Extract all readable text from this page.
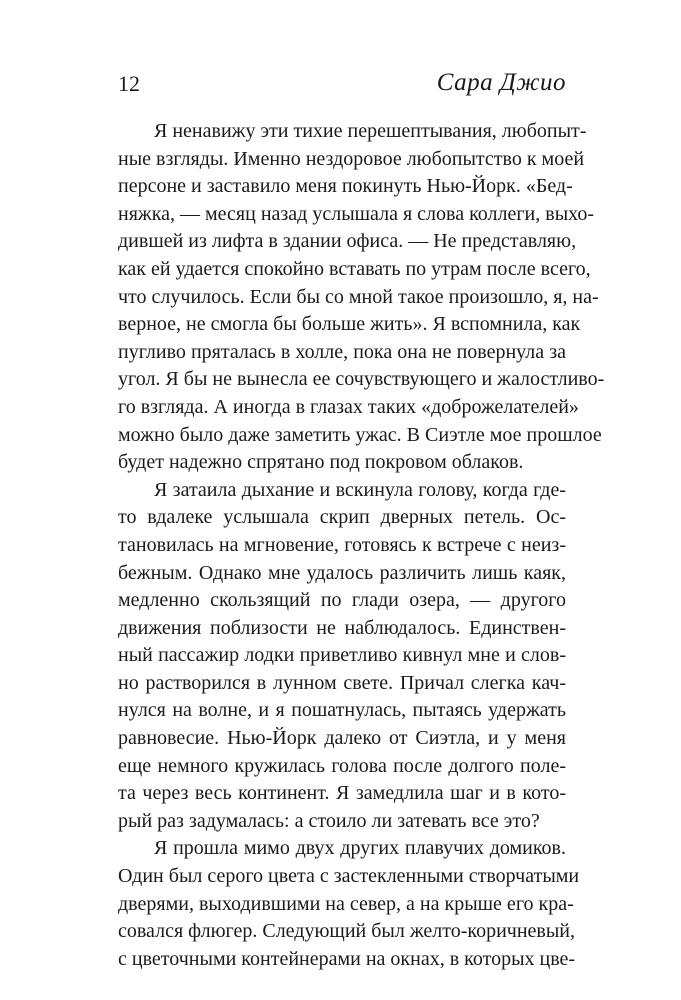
12	Сара Джио
Я ненавижу эти тихие перешептывания, любопыт-
ные взгляды. Именно нездоровое любопытство к моей
персоне и заставило меня покинуть Нью-Йорк. «Бед-
няжка, — месяц назад услышала я слова коллеги, выхо-
дившей из лифта в здании офиса. — Не представляю,
как ей удается спокойно вставать по утрам после всего,
что случилось. Если бы со мной такое произошло, я, на-
верное, не смогла бы больше жить». Я вспомнила, как
пугливо пряталась в холле, пока она не повернула за
угол. Я бы не вынесла ее сочувствующего и жалостливо-
го взгляда. А иногда в глазах таких «доброжелателей»
можно было даже заметить ужас. В Сиэтле мое прошлое
будет надежно спрятано под покровом облаков.
Я затаила дыхание и вскинула голову, когда где-
то вдалеке услышала скрип дверных петель. Ос-
тановилась на мгновение, готовясь к встрече с неиз-
бежным. Однако мне удалось различить лишь каяк,
медленно скользящий по глади озера, — другого
движения поблизости не наблюдалось. Единствен-
ный пассажир лодки приветливо кивнул мне и слов-
но растворился в лунном свете. Причал слегка кач-
нулся на волне, и я пошатнулась, пытаясь удержать
равновесие. Нью-Йорк далеко от Сиэтла, и у меня
еще немного кружилась голова после долгого поле-
та через весь континент. Я замедлила шаг и в кото-
рый раз задумалась: а стоило ли затевать все это?
Я прошла мимо двух других плавучих домиков.
Один был серого цвета с застекленными створчатыми
дверями, выходившими на север, а на крыше его кра-
совался флюгер. Следующий был желто-коричневый,
с цветочными контейнерами на окнах, в которых цве-
